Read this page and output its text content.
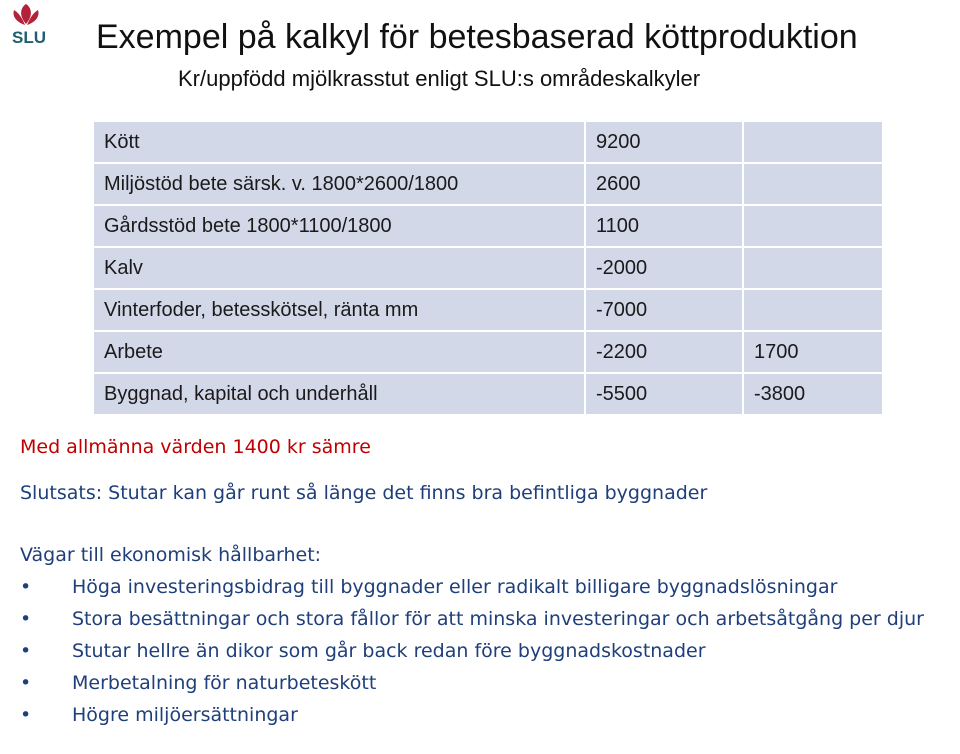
SLU Exempel på kalkyl för betesbaserad köttproduktion
Kr/uppfödd mjölkrasstut enligt SLU:s områdeskalkyler
Kött	9200	
Miljöstöd bete särsk. v. 1800*2600/1800	2600	
Gårdsstöd bete 1800*1100/1800	1100	
Kalv	-2000	
Vinterfoder, betesskötsel, ränta mm	-7000	
Arbete	-2200	1700
Byggnad, kapital och underhåll	-5500	-3800
Med allmänna värden 1400 kr sämre
Slutsats: Stutar kan går runt så länge det finns bra befintliga byggnader
Vägar till ekonomisk hållbarhet:
• Höga investeringsbidrag till byggnader eller radikalt billigare byggnadslösningar
• Stora besättningar och stora fållor för att minska investeringar och arbetsåtgång per djur
• Stutar hellre än dikor som går back redan före byggnadskostnader
• Merbetalning för naturbeteskött
• Högre miljöersättningar
